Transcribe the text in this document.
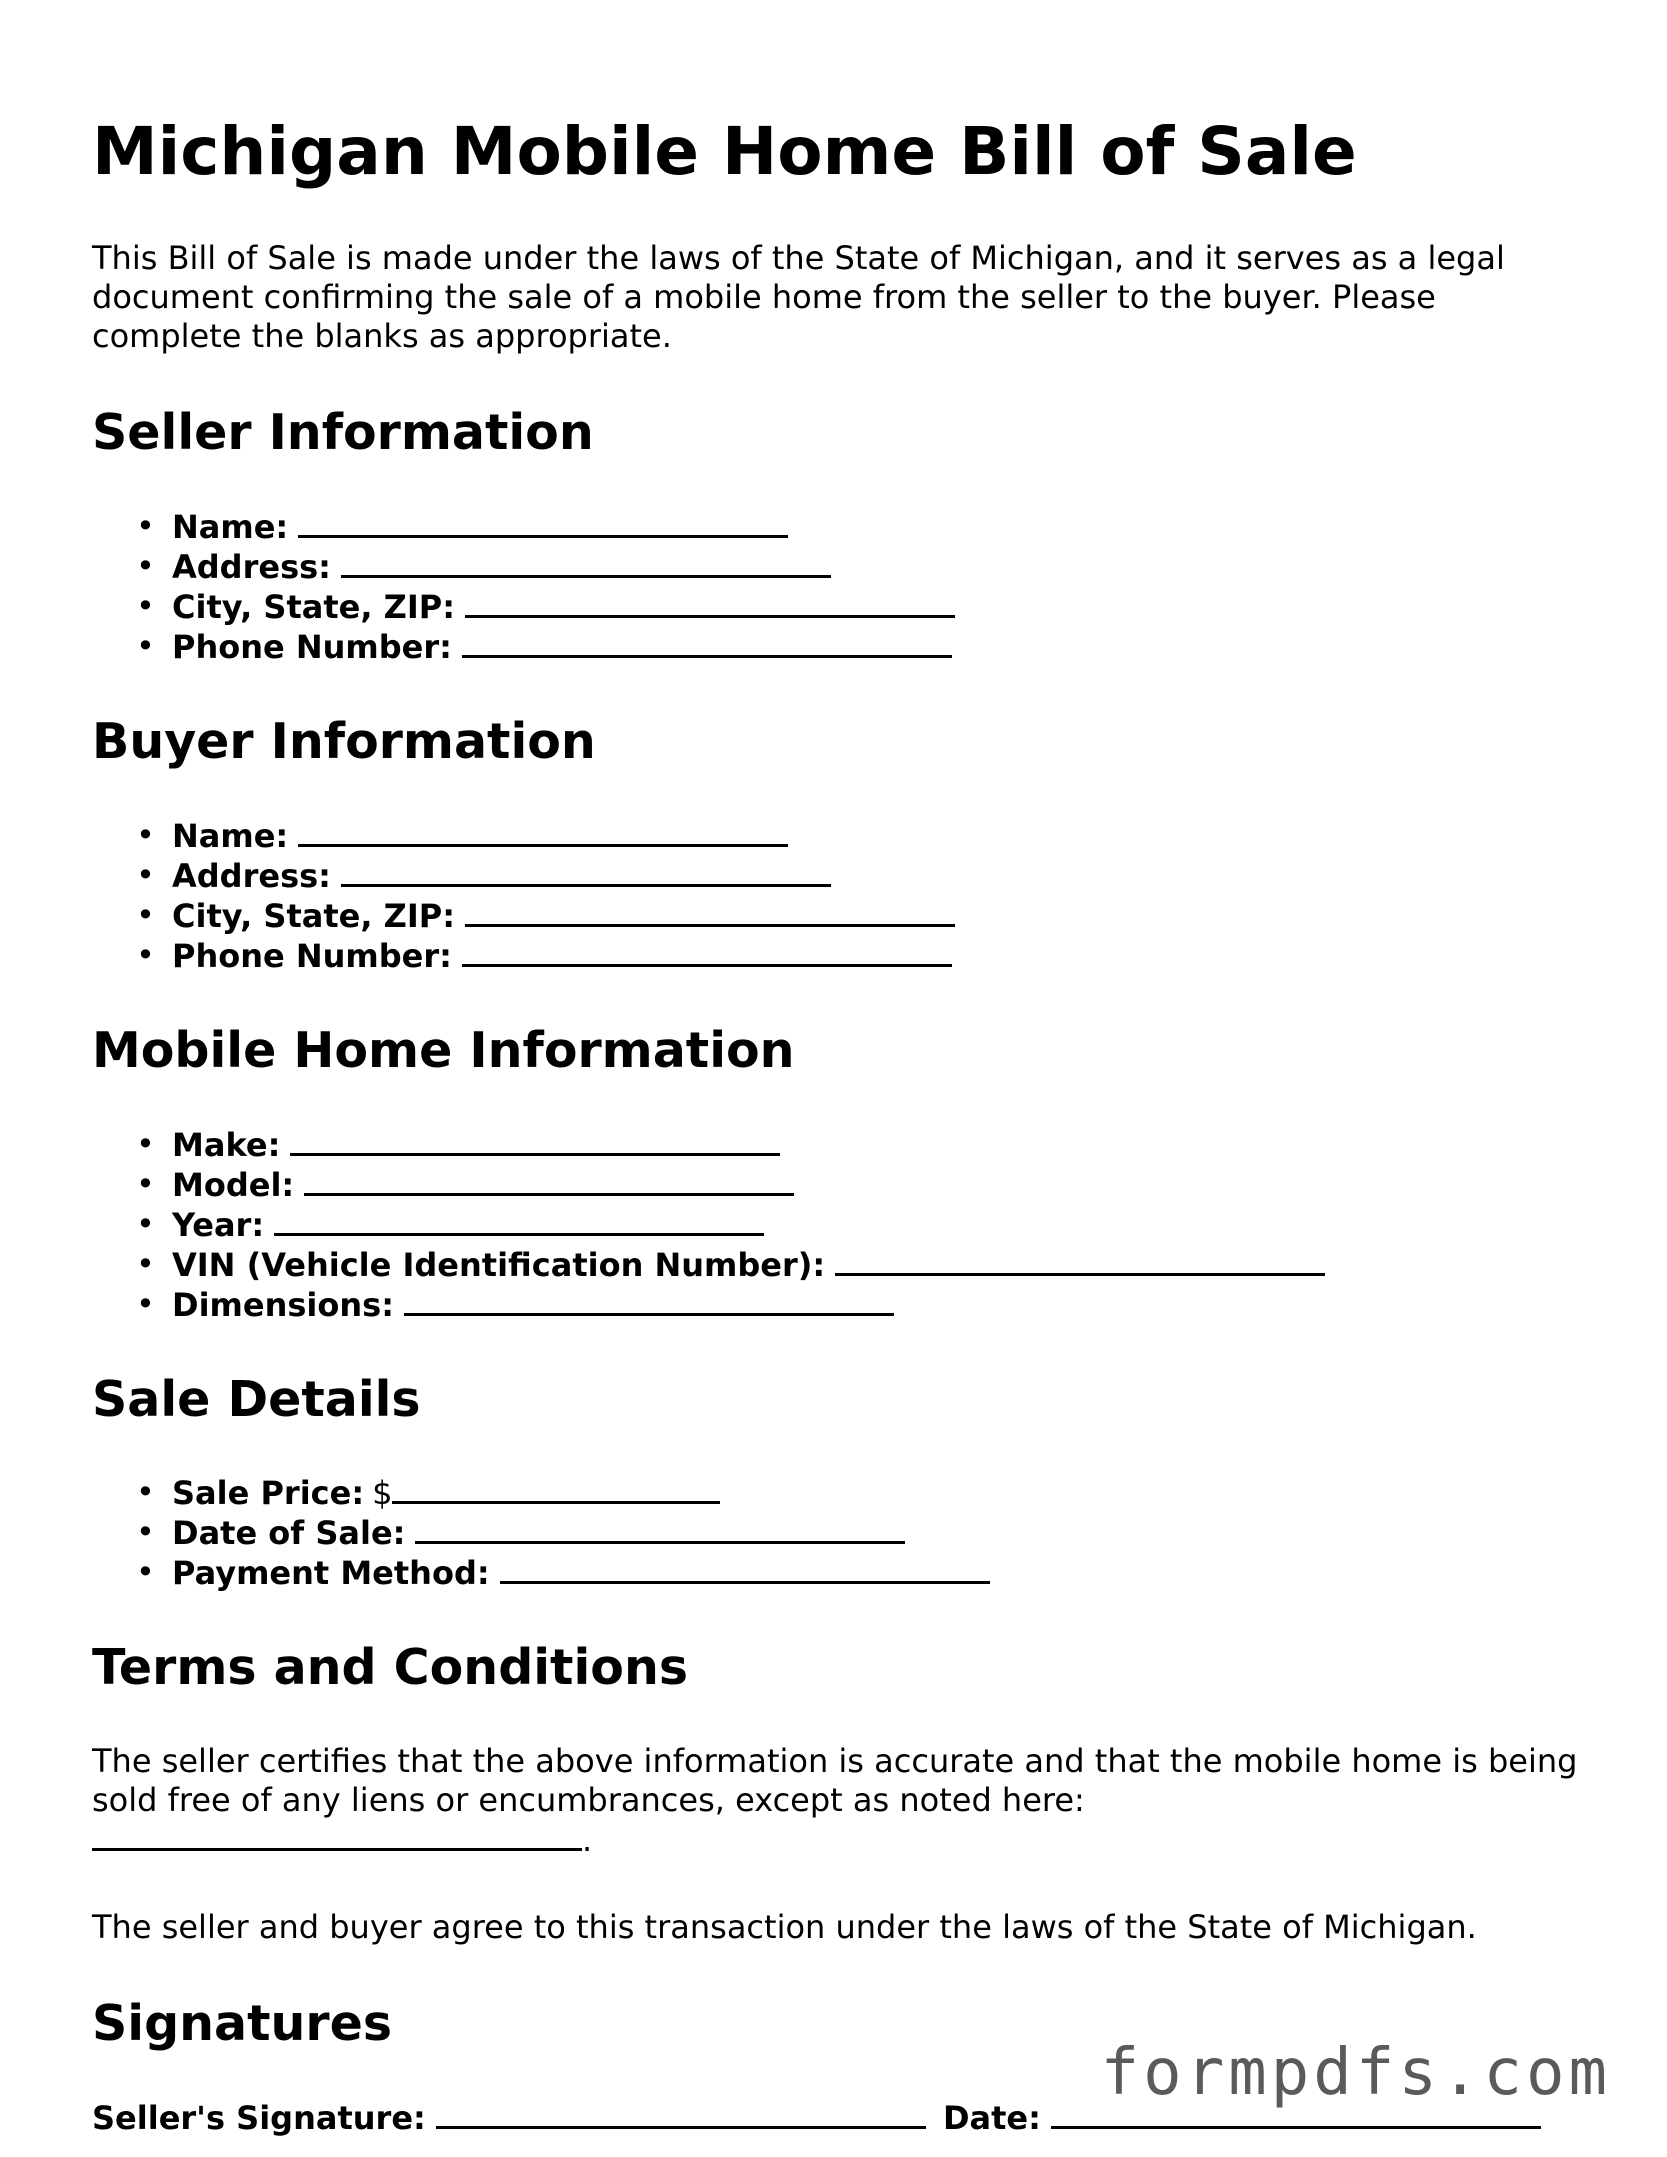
Michigan Mobile Home Bill of Sale

This Bill of Sale is made under the laws of the State of Michigan, and it serves as a legal document confirming the sale of a mobile home from the seller to the buyer. Please complete the blanks as appropriate.

Seller Information
• Name:
• Address:
• City, State, ZIP:
• Phone Number:
Buyer Information
• Name:
• Address:
• City, State, ZIP:
• Phone Number:
Mobile Home Information
• Make:
• Model:
• Year:
• VIN (Vehicle Identification Number):
• Dimensions:
Sale Details
• Sale Price: $
• Date of Sale:
• Payment Method:
Terms and Conditions

The seller certifies that the above information is accurate and that the mobile home is being sold free of any liens or encumbrances, except as noted here:
.

The seller and buyer agree to this transaction under the laws of the State of Michigan.

Signatures
Seller's Signature:	Date:
formpdfs.com
